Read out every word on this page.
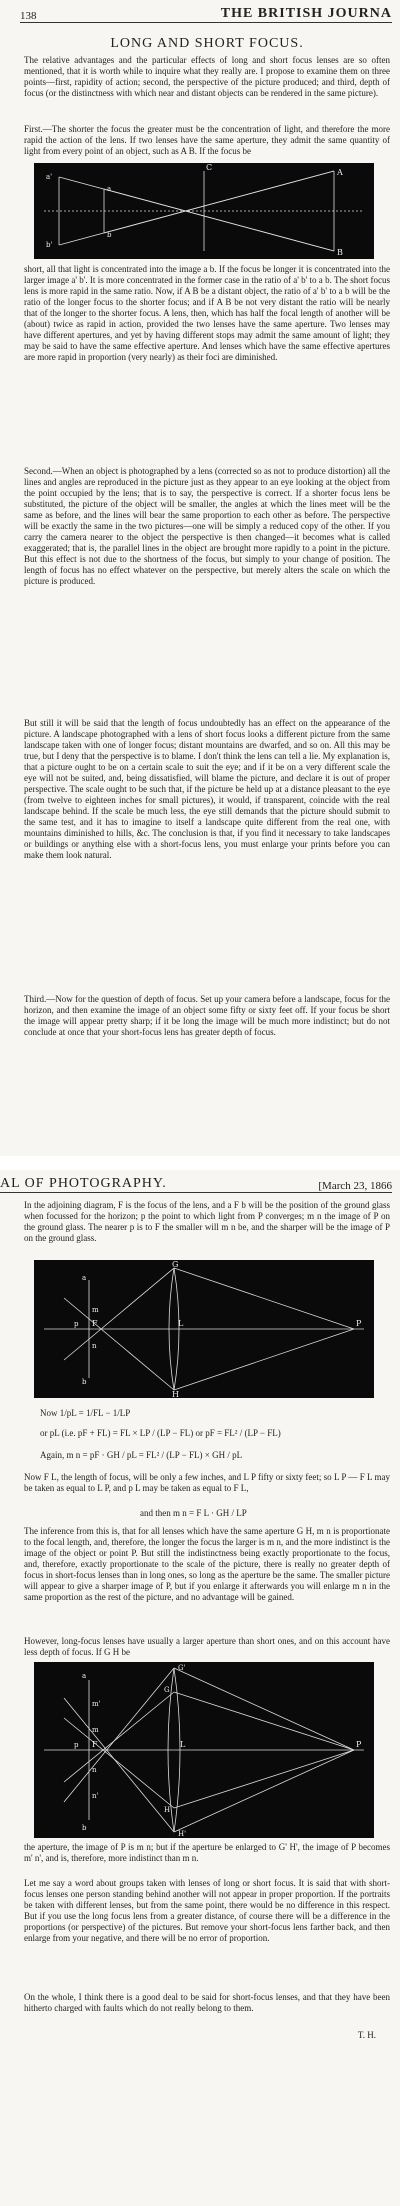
138	THE BRITISH JOURNA
LONG AND SHORT FOCUS.

The relative advantages and the particular effects of long and short focus lenses are so often mentioned, that it is worth while to inquire what they really are. I propose to examine them on three points—first, rapidity of action; second, the perspective of the picture produced; and third, depth of focus (or the distinctness with which near and distant objects can be rendered in the same picture).

First.—The shorter the focus the greater must be the concentration of light, and therefore the more rapid the action of the lens. If two lenses have the same aperture, they admit the same quantity of light from every point of an object, such as A B. If the focus be

A
B
C
a
b
a'
b'

short, all that light is concentrated into the image a b. If the focus be longer it is concentrated into the larger image a' b'. It is more concentrated in the former case in the ratio of a' b' to a b. The short focus lens is more rapid in the same ratio. Now, if A B be a distant object, the ratio of a' b' to a b will be the ratio of the longer focus to the shorter focus; and if A B be not very distant the ratio will be nearly that of the longer to the shorter focus. A lens, then, which has half the focal length of another will be (about) twice as rapid in action, provided the two lenses have the same aperture. Two lenses may have different apertures, and yet by having different stops may admit the same amount of light; they may be said to have the same effective aperture. And lenses which have the same effective apertures are more rapid in proportion (very nearly) as their foci are diminished.

Second.—When an object is photographed by a lens (corrected so as not to produce distortion) all the lines and angles are reproduced in the picture just as they appear to an eye looking at the object from the point occupied by the lens; that is to say, the perspective is correct. If a shorter focus lens be substituted, the picture of the object will be smaller, the angles at which the lines meet will be the same as before, and the lines will bear the same proportion to each other as before. The perspective will be exactly the same in the two pictures—one will be simply a reduced copy of the other. If you carry the camera nearer to the object the perspective is then changed—it becomes what is called exaggerated; that is, the parallel lines in the object are brought more rapidly to a point in the picture. But this effect is not due to the shortness of the focus, but simply to your change of position. The length of focus has no effect whatever on the perspective, but merely alters the scale on which the picture is produced.

But still it will be said that the length of focus undoubtedly has an effect on the appearance of the picture. A landscape photographed with a lens of short focus looks a different picture from the same landscape taken with one of longer focus; distant mountains are dwarfed, and so on. All this may be true, but I deny that the perspective is to blame. I don't think the lens can tell a lie. My explanation is, that a picture ought to be on a certain scale to suit the eye; and if it be on a very different scale the eye will not be suited, and, being dissatisfied, will blame the picture, and declare it is out of proper perspective. The scale ought to be such that, if the picture be held up at a distance pleasant to the eye (from twelve to eighteen inches for small pictures), it would, if transparent, coincide with the real landscape behind. If the scale be much less, the eye still demands that the picture should submit to the same test, and it has to imagine to itself a landscape quite different from the real one, with mountains diminished to hills, &c. The conclusion is that, if you find it necessary to take landscapes or buildings or anything else with a short-focus lens, you must enlarge your prints before you can make them look natural.

Third.—Now for the question of depth of focus. Set up your camera before a landscape, focus for the horizon, and then examine the image of an object some fifty or sixty feet off. If your focus be short the image will appear pretty sharp; if it be long the image will be much more indistinct; but do not conclude at once that your short-focus lens has greater depth of focus.

AL OF PHOTOGRAPHY.	[March 23, 1866

In the adjoining diagram, F is the focus of the lens, and a F b will be the position of the ground glass when focussed for the horizon; p the point to which light from P converges; m n the image of P on the ground glass. The nearer p is to F the smaller will m n be, and the sharper will be the image of P on the ground glass.

G
H
L
F	P
p
a
b
m
n
Now 1/pL = 1/FL − 1/LP
or pL (i.e. pF + FL) = FL × LP / (LP − FL) or pF = FL² / (LP − FL)
Again, m n = pF · GH / pL = FL² / (LP − FL) × GH / pL

Now F L, the length of focus, will be only a few inches, and L P fifty or sixty feet; so L P — F L may be taken as equal to L P, and p L may be taken as equal to F L,

and then m n = F L · GH / LP

The inference from this is, that for all lenses which have the same aperture G H, m n is proportionate to the focal length, and, therefore, the longer the focus the larger is m n, and the more indistinct is the image of the object or point P. But still the indistinctness being exactly proportionate to the focus, and, therefore, exactly proportionate to the scale of the picture, there is really no greater depth of focus in short-focus lenses than in long ones, so long as the aperture be the same. The smaller picture will appear to give a sharper image of P, but if you enlarge it afterwards you will enlarge m n in the same proportion as the rest of the picture, and no advantage will be gained.

However, long-focus lenses have usually a larger aperture than short ones, and on this account have less depth of focus. If G H be

G
H
G'
H'
L
F	P
p
a
b
m
n
m'
n'

the aperture, the image of P is m n; but if the aperture be enlarged to G' H', the image of P becomes m' n', and is, therefore, more indistinct than m n.

Let me say a word about groups taken with lenses of long or short focus. It is said that with short-focus lenses one person standing behind another will not appear in proper proportion. If the portraits be taken with different lenses, but from the same point, there would be no difference in this respect. But if you use the long focus lens from a greater distance, of course there will be a difference in the proportions (or perspective) of the pictures. But remove your short-focus lens farther back, and then enlarge from your negative, and there will be no error of proportion.

On the whole, I think there is a good deal to be said for short-focus lenses, and that they have been hitherto charged with faults which do not really belong to them.

T. H.
